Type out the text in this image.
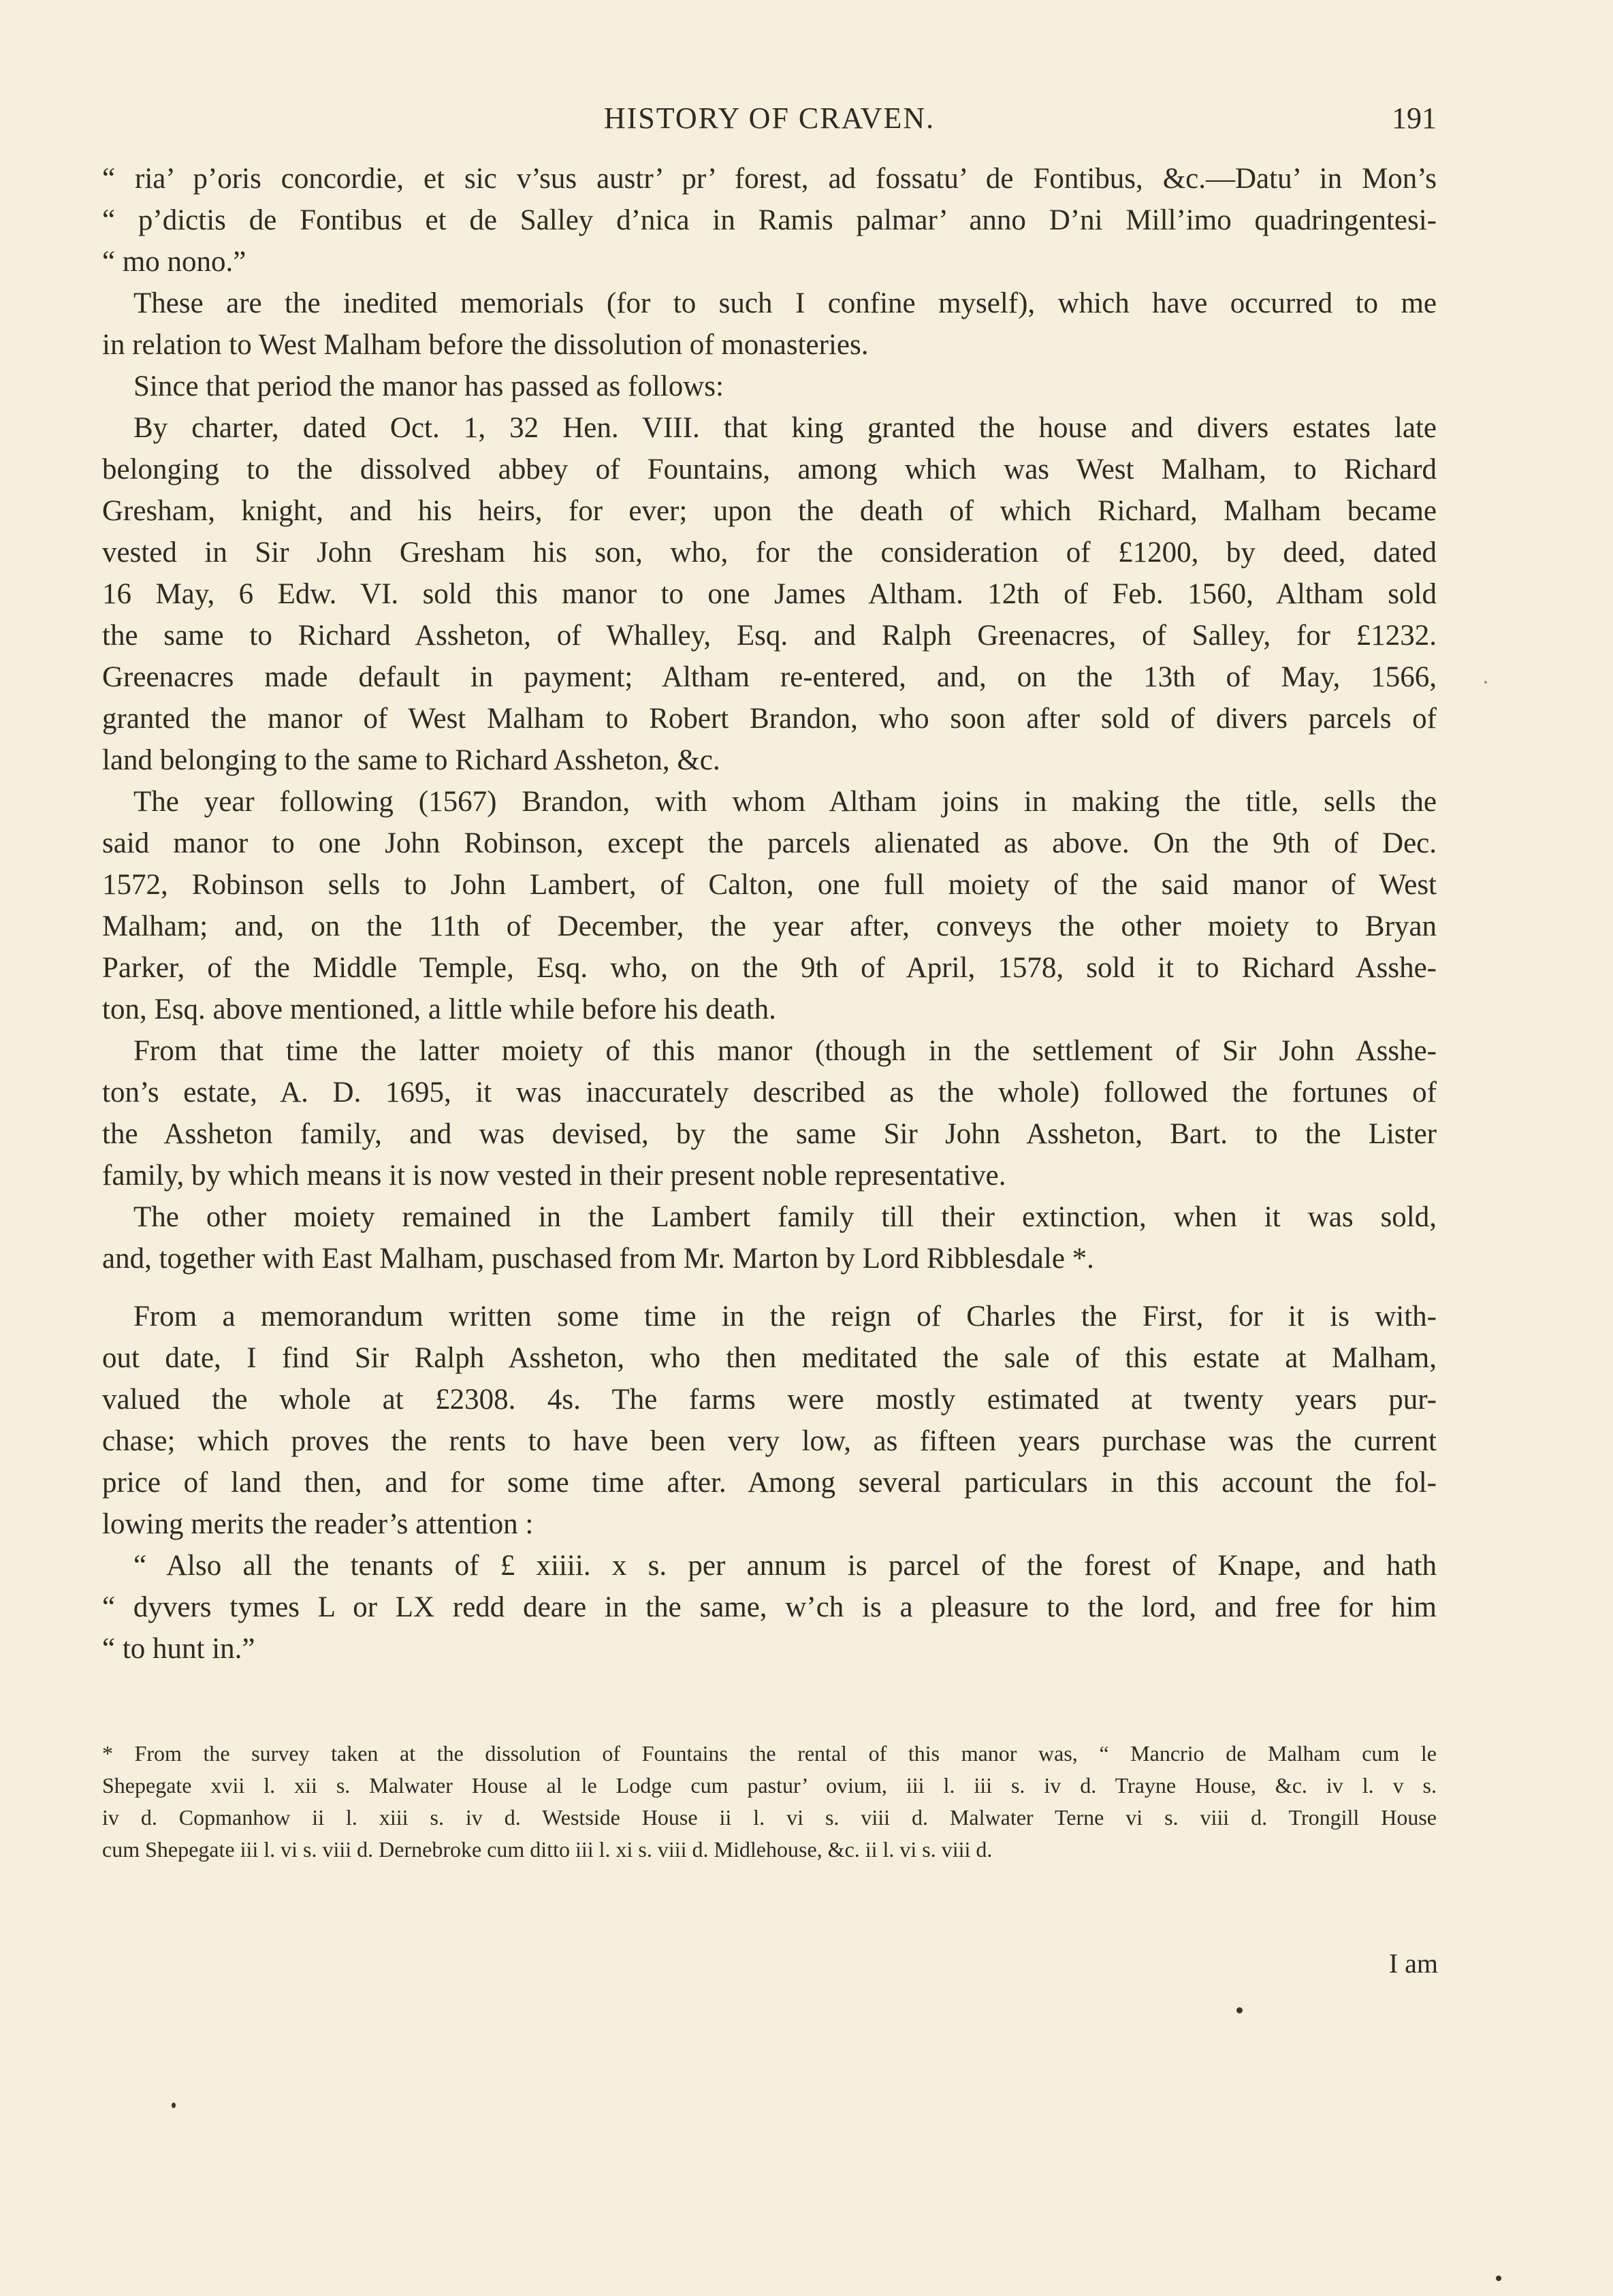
HISTORY OF CRAVEN.	191
“ ria’ p’oris concordie, et sic v’sus austr’ pr’ forest, ad fossatu’ de Fontibus, &c.—Datu’ in Mon’s
“ p’dictis de Fontibus et de Salley d’nica in Ramis palmar’ anno D’ni Mill’imo quadringentesi-
“ mo nono.”
These are the inedited memorials (for to such I confine myself), which have occurred to me
in relation to West Malham before the dissolution of monasteries.
Since that period the manor has passed as follows:
By charter, dated Oct. 1, 32 Hen. VIII. that king granted the house and divers estates late
belonging to the dissolved abbey of Fountains, among which was West Malham, to Richard
Gresham, knight, and his heirs, for ever; upon the death of which Richard, Malham became
vested in Sir John Gresham his son, who, for the consideration of £1200, by deed, dated
16 May, 6 Edw. VI. sold this manor to one James Altham. 12th of Feb. 1560, Altham sold
the same to Richard Assheton, of Whalley, Esq. and Ralph Greenacres, of Salley, for £1232.
Greenacres made default in payment; Altham re-entered, and, on the 13th of May, 1566,
granted the manor of West Malham to Robert Brandon, who soon after sold of divers parcels of
land belonging to the same to Richard Assheton, &c.
The year following (1567) Brandon, with whom Altham joins in making the title, sells the
said manor to one John Robinson, except the parcels alienated as above. On the 9th of Dec.
1572, Robinson sells to John Lambert, of Calton, one full moiety of the said manor of West
Malham; and, on the 11th of December, the year after, conveys the other moiety to Bryan
Parker, of the Middle Temple, Esq. who, on the 9th of April, 1578, sold it to Richard Asshe-
ton, Esq. above mentioned, a little while before his death.
From that time the latter moiety of this manor (though in the settlement of Sir John Asshe-
ton’s estate, A. D. 1695, it was inaccurately described as the whole) followed the fortunes of
the Assheton family, and was devised, by the same Sir John Assheton, Bart. to the Lister
family, by which means it is now vested in their present noble representative.
The other moiety remained in the Lambert family till their extinction, when it was sold,
and, together with East Malham, puschased from Mr. Marton by Lord Ribblesdale *.
From a memorandum written some time in the reign of Charles the First, for it is with-
out date, I find Sir Ralph Assheton, who then meditated the sale of this estate at Malham,
valued the whole at £2308. 4s. The farms were mostly estimated at twenty years pur-
chase; which proves the rents to have been very low, as fifteen years purchase was the current
price of land then, and for some time after. Among several particulars in this account the fol-
lowing merits the reader’s attention :
“ Also all the tenants of £ xiiii. x s. per annum is parcel of the forest of Knape, and hath
“ dyvers tymes L or LX redd deare in the same, w’ch is a pleasure to the lord, and free for him
“ to hunt in.”
* From the survey taken at the dissolution of Fountains the rental of this manor was, “ Mancrio de Malham cum le
Shepegate xvii l. xii s. Malwater House al le Lodge cum pastur’ ovium, iii l. iii s. iv d. Trayne House, &c. iv l. v s.
iv d. Copmanhow ii l. xiii s. iv d. Westside House ii l. vi s. viii d. Malwater Terne vi s. viii d. Trongill House
cum Shepegate iii l. vi s. viii d. Dernebroke cum ditto iii l. xi s. viii d. Midlehouse, &c. ii l. vi s. viii d.
I am
